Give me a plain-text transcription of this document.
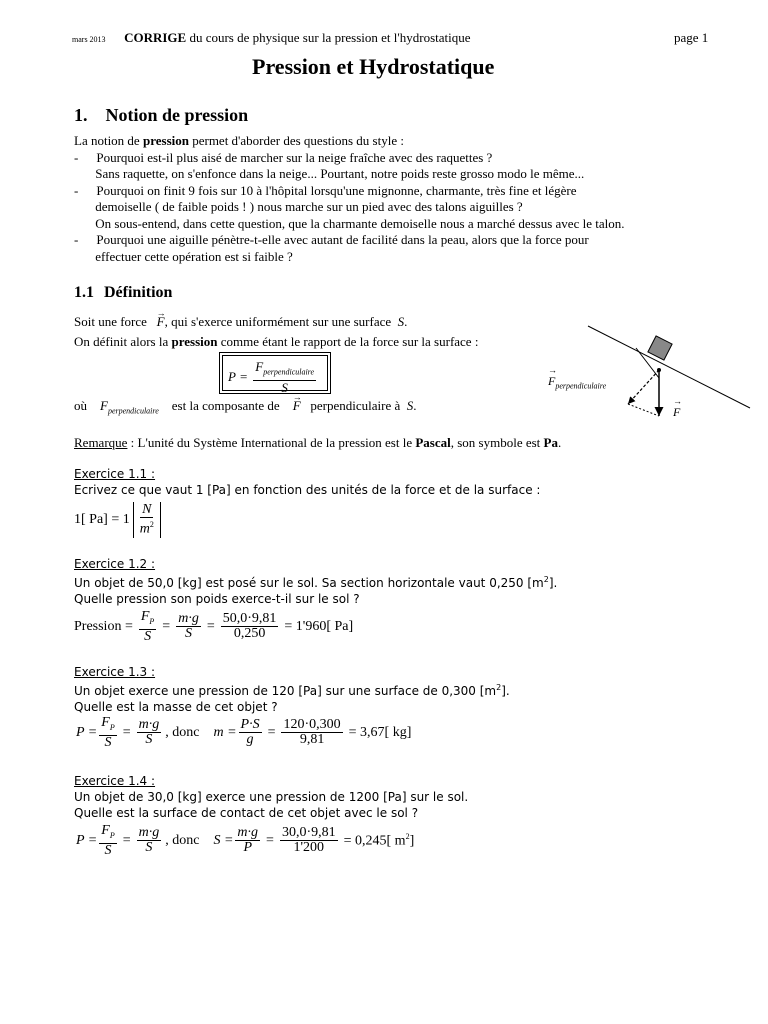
mars 2013 CORRIGE du cours de physique sur la pression et l'hydrostatique	page 1
Pression et Hydrostatique
1. Notion de pression
La notion de pression permet d'aborder des questions du style :
- Pourquoi est-il plus aisé de marcher sur la neige fraîche avec des raquettes ?
Sans raquette, on s'enfonce dans la neige... Pourtant, notre poids reste grosso modo le même...
- Pourquoi on finit 9 fois sur 10 à l'hôpital lorsqu'une mignonne, charmante, très fine et légère
demoiselle ( de faible poids ! ) nous marche sur un pied avec des talons aiguilles ?
On sous-entend, dans cette question, que la charmante demoiselle nous a marché dessus avec le talon.
- Pourquoi une aiguille pénètre-t-elle avec autant de facilité dans la peau, alors que la force pour
effectuer cette opération est si faible ?
1.1 Définition
Soit une force → F, qui s'exerce uniformément sur une surface S.
On définit alors la pression comme étant le rapport de la force sur la surface :
$P = \frac{F_{perpendiculaire}}{S}$
où $F_{perpendiculaire}$ est la composante de → F perpendiculaire à S.
Remarque : L'unité du Système International de la pression est le Pascal, son symbole est Pa.
→ $F_{perpendiculaire}$
→ F
Exercice 1.1 :
Ecrivez ce que vaut 1 [Pa] en fonction des unités de la force et de la surface :
1[ $Pa] = 1 \frac{N}{m^2}$
Exercice 1.2 :
Un objet de 50,0 [kg] est posé sur le sol. Sa section horizontale vaut 0,250 $[m^2]$.
Quelle pression son poids exerce-t-il sur le sol ?
Pression = $\frac{F_P}{S} = \frac{m\cdot g}{S} = \frac{50,0\cdot 9,81}{0,250} = 1'960$[ Pa]
Exercice 1.3 :
Un objet exerce une pression de 120 [Pa] sur une surface de 0,300 $[m^2]$.
Quelle est la masse de cet objet ?
$P = \frac{F_P}{S} = \frac{m\cdot g}{S}$ , donc $m = \frac{P\cdot S}{g} = \frac{120\cdot 0,300}{9,81} = 3,67$[ kg]
Exercice 1.4 :
Un objet de 30,0 [kg] exerce une pression de 1200 [Pa] sur le sol.
Quelle est la surface de contact de cet objet avec le sol ?
$P = \frac{F_P}{S} = \frac{m\cdot g}{S}$ , donc $S = \frac{m\cdot g}{P} = \frac{30,0\cdot 9,81}{1'200} = 0,245$[ $m^2$]
